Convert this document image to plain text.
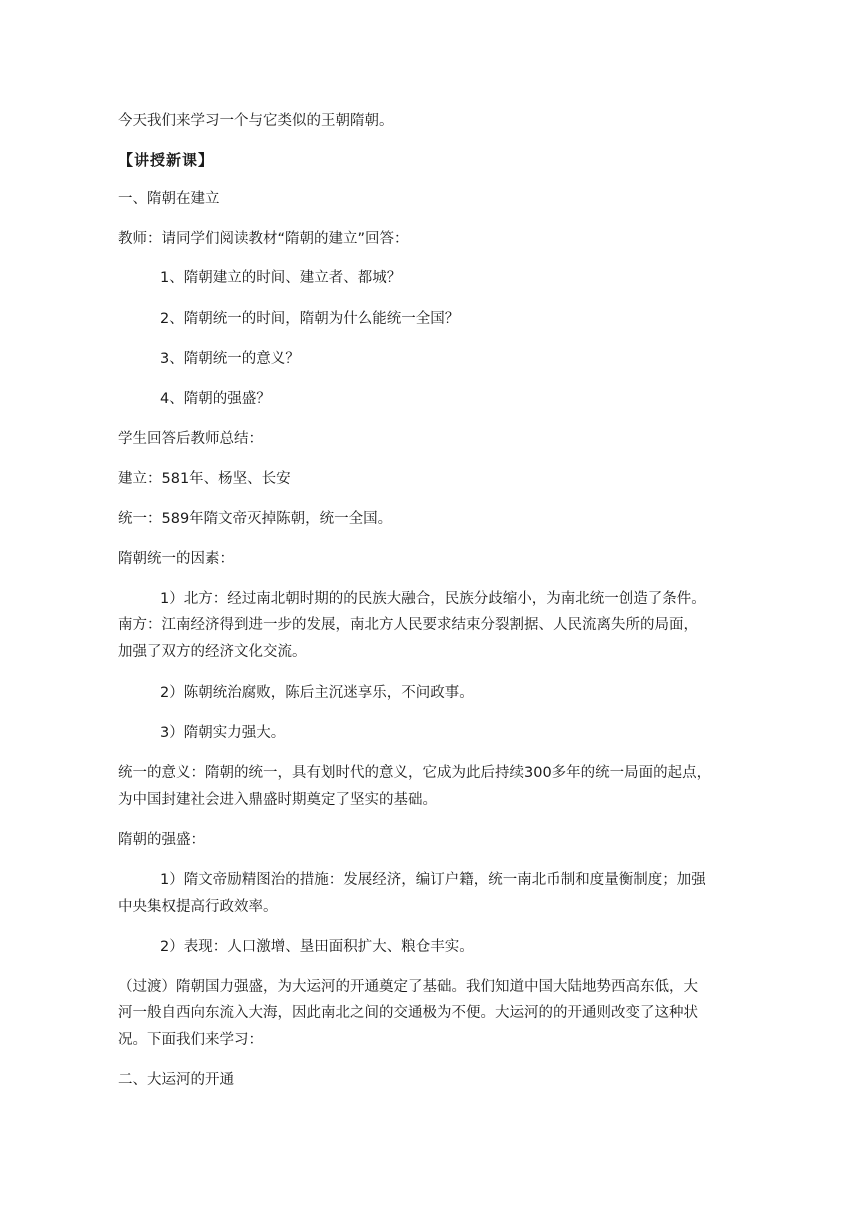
今天我们来学习一个与它类似的王朝隋朝。
【讲授新课】
一、隋朝在建立
教师：请同学们阅读教材“隋朝的建立”回答：
1、隋朝建立的时间、建立者、都城？
2、隋朝统一的时间，隋朝为什么能统一全国？
3、隋朝统一的意义？
4、隋朝的强盛？
学生回答后教师总结：
建立：581年、杨坚、长安
统一：589年隋文帝灭掉陈朝，统一全国。
隋朝统一的因素：
1）北方：经过南北朝时期的的民族大融合，民族分歧缩小，为南北统一创造了条件。
南方：江南经济得到进一步的发展，南北方人民要求结束分裂割据、人民流离失所的局面，
加强了双方的经济文化交流。
2）陈朝统治腐败，陈后主沉迷享乐，不问政事。
3）隋朝实力强大。
统一的意义：隋朝的统一，具有划时代的意义，它成为此后持续300多年的统一局面的起点，
为中国封建社会进入鼎盛时期奠定了坚实的基础。
隋朝的强盛：
1）隋文帝励精图治的措施：发展经济，编订户籍，统一南北币制和度量衡制度；加强
中央集权提高行政效率。
2）表现：人口激增、垦田面积扩大、粮仓丰实。
（过渡）隋朝国力强盛，为大运河的开通奠定了基础。我们知道中国大陆地势西高东低，大
河一般自西向东流入大海，因此南北之间的交通极为不便。大运河的的开通则改变了这种状
况。下面我们来学习：
二、大运河的开通
